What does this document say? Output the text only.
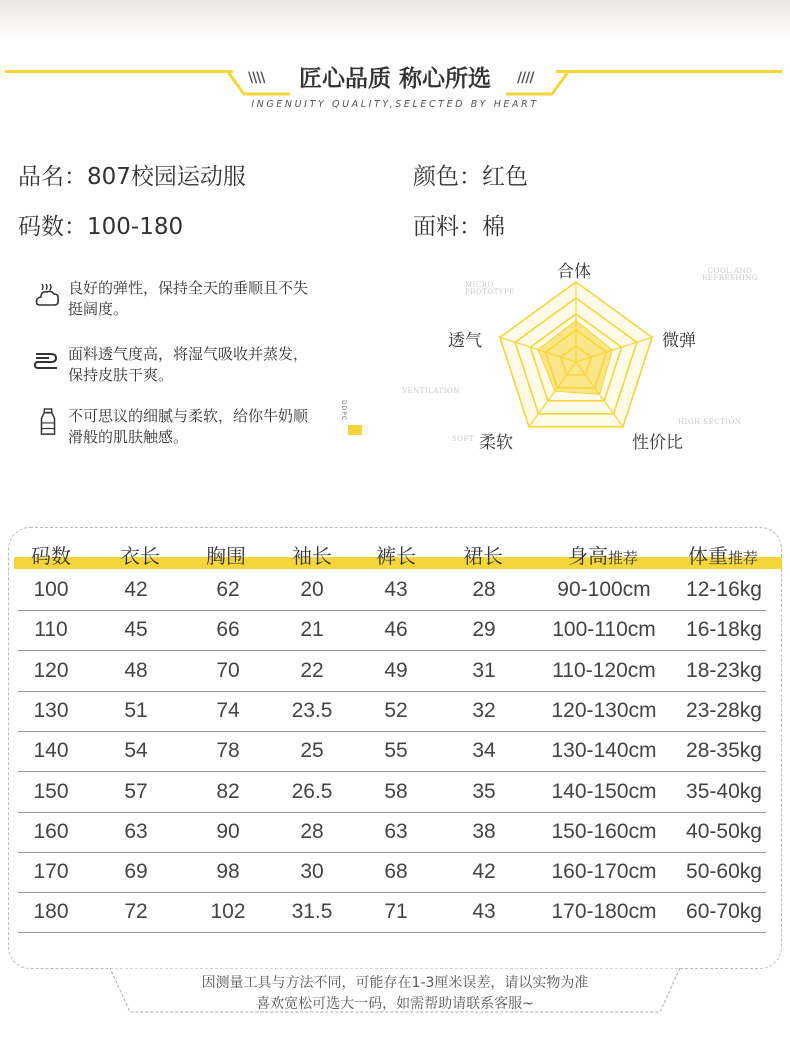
\\\\	////
匠心品质 称心所选
INGENUITY QUALITY,SELECTED BY HEART
品名：807校园运动服	颜色：红色
码数：100-180	面料：棉
良好的弹性，保持全天的垂顺且不失挺阔度。
面料透气度高，将湿气吸收并蒸发，保持皮肤干爽。
不可思议的细腻与柔软，给你牛奶顺滑般的肌肤触感。
合体
微弹
性价比
柔软
透气
MICRO PROTOTYPE
COOL AND REFRESHING
VENTILATION
SOFT
HIGH SECTION
DDPC
码数	衣长	胸围	袖长	裤长	裙长	身高推荐	体重推荐
100	42	62	20	43	28	90-100cm	12-16kg
110	45	66	21	46	29	100-110cm	16-18kg
120	48	70	22	49	31	110-120cm	18-23kg
130	51	74	23.5	52	32	120-130cm	23-28kg
140	54	78	25	55	34	130-140cm	28-35kg
150	57	82	26.5	58	35	140-150cm	35-40kg
160	63	90	28	63	38	150-160cm	40-50kg
170	69	98	30	68	42	160-170cm	50-60kg
180	72	102	31.5	71	43	170-180cm	60-70kg
因测量工具与方法不同，可能存在1-3厘米误差，请以实物为准
喜欢宽松可选大一码，如需帮助请联系客服~
